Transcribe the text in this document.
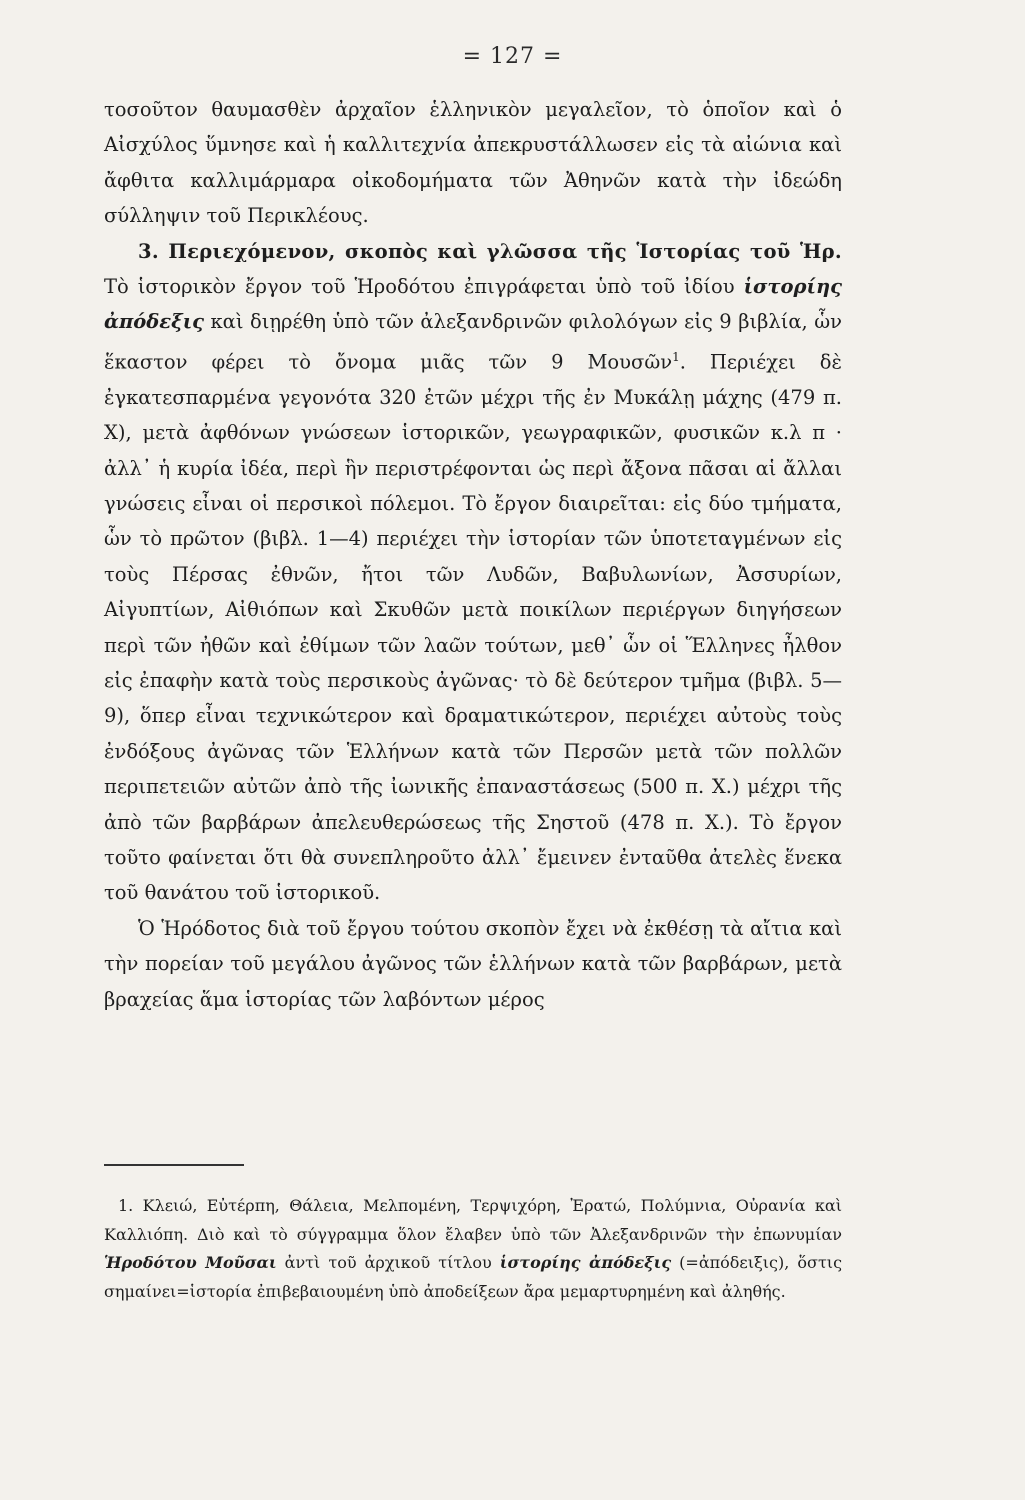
= 127 =

τοσοῦτον θαυμασθὲν ἀρχαῖον ἑλληνικὸν μεγαλεῖον, τὸ ὁποῖον καὶ ὁ Αἰσχύλος ὕμνησε καὶ ἡ καλλιτεχνία ἀπεκρυστάλλωσεν εἰς τὰ αἰώνια καὶ ἄφθιτα καλλιμάρμαρα οἰκοδομήματα τῶν Ἀθηνῶν κατὰ τὴν ἰδεώδη σύλληψιν τοῦ Περικλέους.

3. Περιεχόμενον, σκοπὸς καὶ γλῶσσα τῆς Ἱστορίας τοῦ Ἡρ. Τὸ ἱστορικὸν ἔργον τοῦ Ἡροδότου ἐπιγράφεται ὑπὸ τοῦ ἰδίου ἱστορίης ἀπόδεξις καὶ διῃρέθη ὑπὸ τῶν ἀλεξανδρινῶν φιλολόγων εἰς 9 βιβλία, ὧν ἕκαστον φέρει τὸ ὄνομα μιᾶς τῶν 9 Μουσῶν$^1$. Περιέχει δὲ ἐγκατεσπαρμένα γεγονότα 320 ἐτῶν μέχρι τῆς ἐν Μυκάλῃ μάχης (479 π. Χ), μετὰ ἀφθόνων γνώσεων ἱστορικῶν, γεωγραφικῶν, φυσικῶν κ.λ π · ἀλλ᾽ ἡ κυρία ἰδέα, περὶ ἣν περιστρέφονται ὡς περὶ ἄξονα πᾶσαι αἱ ἄλλαι γνώσεις εἶναι οἱ περσικοὶ πόλεμοι. Τὸ ἔργον διαιρεῖται: εἰς δύο τμήματα, ὧν τὸ πρῶτον (βιβλ. 1—4) περιέχει τὴν ἱστορίαν τῶν ὑποτεταγμένων εἰς τοὺς Πέρσας ἐθνῶν, ἤτοι τῶν Λυδῶν, Βαβυλωνίων, Ἀσσυρίων, Αἰγυπτίων, Αἰθιόπων καὶ Σκυθῶν μετὰ ποικίλων περιέργων διηγήσεων περὶ τῶν ἠθῶν καὶ ἐθίμων τῶν λαῶν τούτων, μεθ᾽ ὧν οἱ Ἕλληνες ἦλθον εἰς ἐπαφὴν κατὰ τοὺς περσικοὺς ἀγῶνας· τὸ δὲ δεύτερον τμῆμα (βιβλ. 5—9), ὅπερ εἶναι τεχνικώτερον καὶ δραματικώτερον, περιέχει αὐτοὺς τοὺς ἐνδόξους ἀγῶνας τῶν Ἑλλήνων κατὰ τῶν Περσῶν μετὰ τῶν πολλῶν περιπετειῶν αὐτῶν ἀπὸ τῆς ἰωνικῆς ἐπαναστάσεως (500 π. Χ.) μέχρι τῆς ἀπὸ τῶν βαρβάρων ἀπελευθερώσεως τῆς Σηστοῦ (478 π. Χ.). Τὸ ἔργον τοῦτο φαίνεται ὅτι θὰ συνεπληροῦτο ἀλλ᾽ ἔμεινεν ἐνταῦθα ἀτελὲς ἕνεκα τοῦ θανάτου τοῦ ἱστορικοῦ.

Ὁ Ἡρόδοτος διὰ τοῦ ἔργου τούτου σκοπὸν ἔχει νὰ ἐκθέσῃ τὰ αἴτια καὶ τὴν πορείαν τοῦ μεγάλου ἀγῶνος τῶν ἑλλήνων κατὰ τῶν βαρβάρων, μετὰ βραχείας ἅμα ἱστορίας τῶν λαβόντων μέρος

1. Κλειώ, Εὐτέρπη, Θάλεια, Μελπομένη, Τερψιχόρη, Ἐρατώ, Πολύμνια, Οὐρανία καὶ Καλλιόπη. Διὸ καὶ τὸ σύγγραμμα ὅλον ἔλαβεν ὑπὸ τῶν Ἀλεξανδρινῶν τὴν ἐπωνυμίαν Ἡροδότου Μοῦσαι ἀντὶ τοῦ ἀρχικοῦ τίτλου ἱστορίης ἀπόδεξις (=ἀπόδειξις), ὅστις σημαίνει=ἱστορία ἐπιβεβαιουμένη ὑπὸ ἀποδείξεων ἄρα μεμαρτυρημένη καὶ ἀληθής.
